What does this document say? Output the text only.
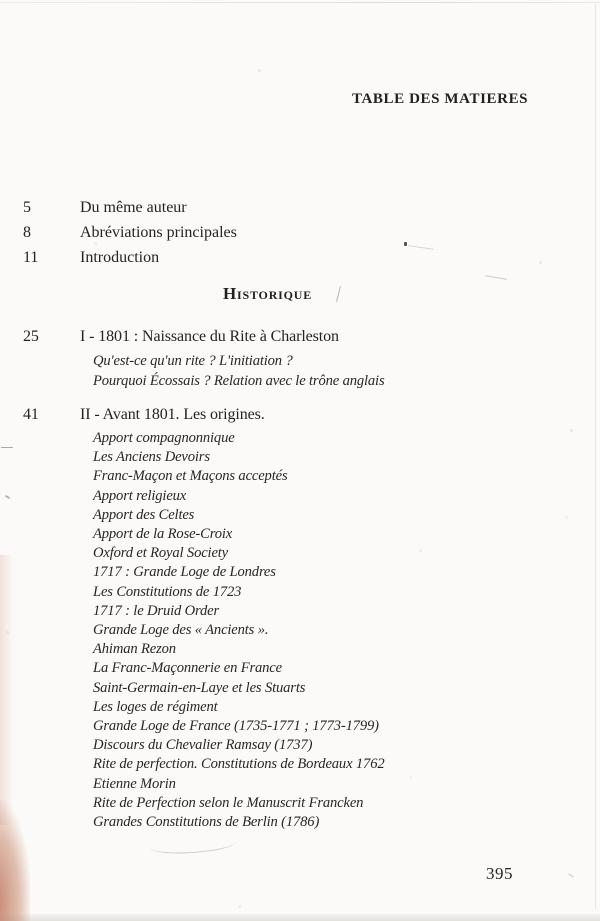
TABLE DES MATIERES
5	Du même auteur
8	Abréviations principales
11	Introduction
Historique
25	I - 1801 : Naissance du Rite à Charleston
Qu'est-ce qu'un rite ? L'initiation ?
Pourquoi Écossais ? Relation avec le trône anglais
41	II - Avant 1801. Les origines.
Apport compagnonnique
Les Anciens Devoirs
Franc-Maçon et Maçons acceptés
Apport religieux
Apport des Celtes
Apport de la Rose-Croix
Oxford et Royal Society
1717 : Grande Loge de Londres
Les Constitutions de 1723
1717 : le Druid Order
Grande Loge des « Ancients ».
Ahiman Rezon
La Franc-Maçonnerie en France
Saint-Germain-en-Laye et les Stuarts
Les loges de régiment
Grande Loge de France (1735-1771 ; 1773-1799)
Discours du Chevalier Ramsay (1737)
Rite de perfection. Constitutions de Bordeaux 1762
Etienne Morin
Rite de Perfection selon le Manuscrit Francken
Grandes Constitutions de Berlin (1786)
395
